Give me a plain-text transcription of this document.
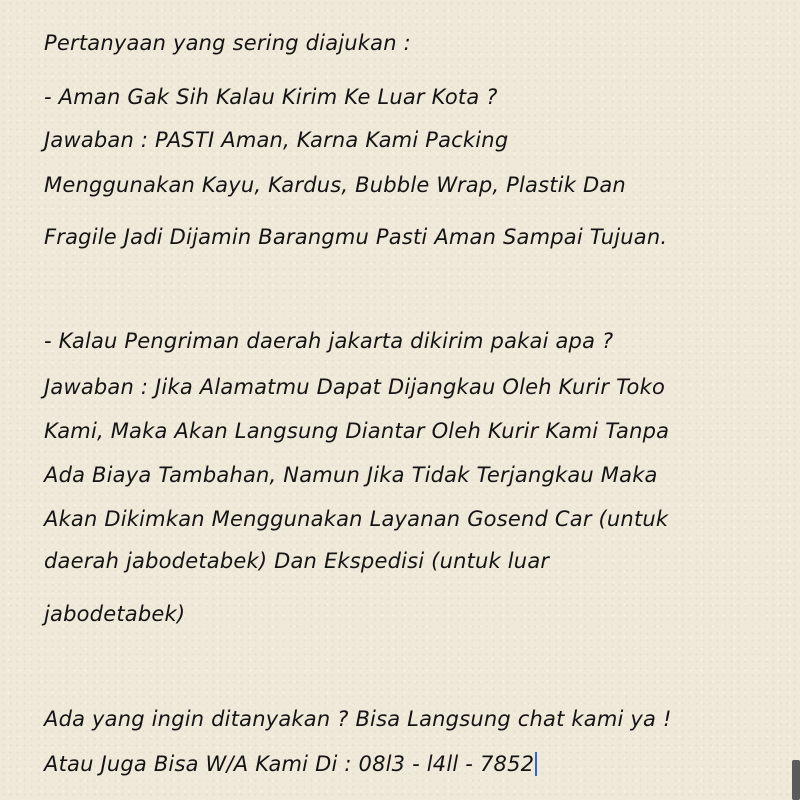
Pertanyaan yang sering diajukan :
- Aman Gak Sih Kalau Kirim Ke Luar Kota ?
Jawaban : PASTI Aman, Karna Kami Packing
Menggunakan Kayu, Kardus, Bubble Wrap, Plastik Dan
Fragile Jadi Dijamin Barangmu Pasti Aman Sampai Tujuan.
- Kalau Pengriman daerah jakarta dikirim pakai apa ?
Jawaban : Jika Alamatmu Dapat Dijangkau Oleh Kurir Toko
Kami, Maka Akan Langsung Diantar Oleh Kurir Kami Tanpa
Ada Biaya Tambahan, Namun Jika Tidak Terjangkau Maka
Akan Dikimkan Menggunakan Layanan Gosend Car (untuk
daerah jabodetabek) Dan Ekspedisi (untuk luar
jabodetabek)
Ada yang ingin ditanyakan ? Bisa Langsung chat kami ya !
Atau Juga Bisa W/A Kami Di : 08l3 - l4ll - 7852
